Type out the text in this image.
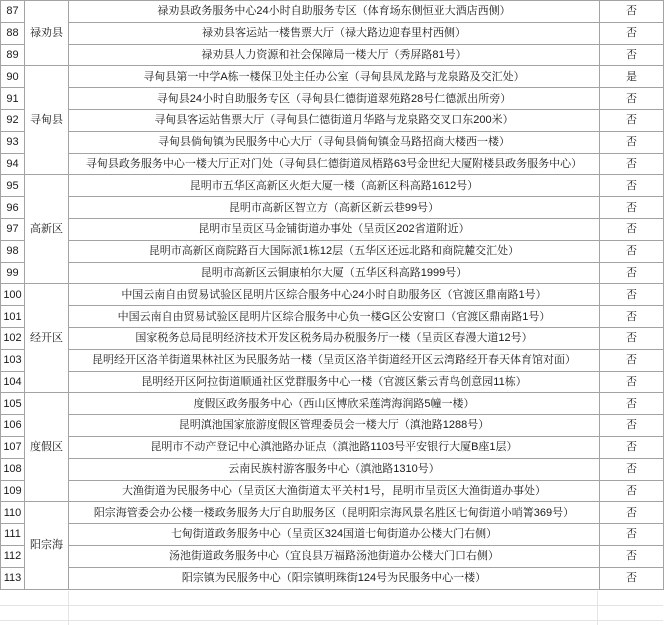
87	禄劝县	禄劝县政务服务中心24小时自助服务专区（体育场东侧恒亚大酒店西侧）	否
88		禄劝县客运站一楼售票大厅（禄大路边迎春里村西侧）	否
89		禄劝县人力资源和社会保障局一楼大厅（秀屏路81号）	否
90	寻甸县	寻甸县第一中学A栋一楼保卫处主任办公室（寻甸县凤龙路与龙泉路及交汇处）	是
91		寻甸县24小时自助服务专区（寻甸县仁德街道翠苑路28号仁德派出所旁）	否
92		寻甸县客运站售票大厅（寻甸县仁德街道月华路与龙泉路交叉口东200米）	否
93		寻甸县倘甸镇为民服务中心大厅（寻甸县倘甸镇金马路招商大楼西一楼）	否
94		寻甸县政务服务中心一楼大厅正对门处（寻甸县仁德街道凤梧路63号金世纪大厦附楼县政务服务中心）	否
95	高新区	昆明市五华区高新区火炬大厦一楼（高新区科高路1612号）	否
96		昆明市高新区智立方（高新区新云巷99号）	否
97		昆明市呈贡区马金铺街道办事处（呈贡区202省道附近）	否
98		昆明市高新区商院路百大国际派1栋12层（五华区还远北路和商院麓交汇处）	否
99		昆明市高新区云铜康柏尔大厦（五华区科高路1999号）	否
100	经开区	中国云南自由贸易试验区昆明片区综合服务中心24小时自助服务区（官渡区鼎南路1号）	否
101		中国云南自由贸易试验区昆明片区综合服务中心负一楼G区公安窗口（官渡区鼎南路1号）	否
102		国家税务总局昆明经济技术开发区税务局办税服务厅一楼（呈贡区春漫大道12号）	否
103		昆明经开区洛羊街道果林社区为民服务站一楼（呈贡区洛羊街道经开区云湾路经开春天体育馆对面）	否
104		昆明经开区阿拉街道顺通社区党群服务中心一楼（官渡区紫云青鸟创意园11栋）	否
105	度假区	度假区政务服务中心（西山区博欣采莲湾海润路5幢一楼）	否
106		昆明滇池国家旅游度假区管理委员会一楼大厅（滇池路1288号）	否
107		昆明市不动产登记中心滇池路办证点（滇池路1103号平安银行大厦B座1层）	否
108		云南民族村游客服务中心（滇池路1310号）	否
109		大渔街道为民服务中心（呈贡区大渔街道太平关村1号，昆明市呈贡区大渔街道办事处）	否
110	阳宗海	阳宗海管委会办公楼一楼政务服务大厅自助服务区（昆明阳宗海风景名胜区七甸街道小哨箐369号）	否
111		七甸街道政务服务中心（呈贡区324国道七甸街道办公楼大门右侧）	否
112		汤池街道政务服务中心（宜良县万福路汤池街道办公楼大门口右侧）	否
113		阳宗镇为民服务中心（阳宗镇明珠街124号为民服务中心一楼）	否
